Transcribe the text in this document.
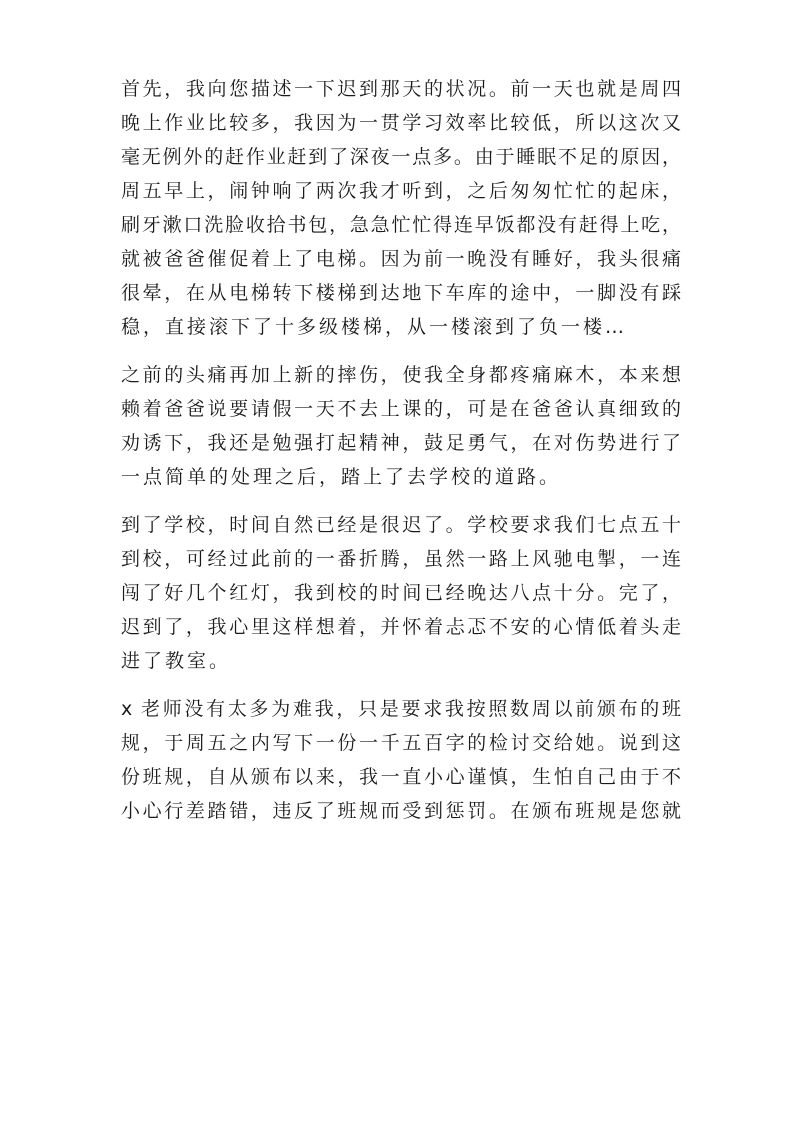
首先，我向您描述一下迟到那天的状况。前一天也就是周四
晚上作业比较多，我因为一贯学习效率比较低，所以这次又
毫无例外的赶作业赶到了深夜一点多。由于睡眠不足的原因，
周五早上，闹钟响了两次我才听到，之后匆匆忙忙的起床，
刷牙漱口洗脸收拾书包，急急忙忙得连早饭都没有赶得上吃，
就被爸爸催促着上了电梯。因为前一晚没有睡好，我头很痛
很晕，在从电梯转下楼梯到达地下车库的途中，一脚没有踩
稳，直接滚下了十多级楼梯，从一楼滚到了负一楼…
之前的头痛再加上新的摔伤，使我全身都疼痛麻木，本来想
赖着爸爸说要请假一天不去上课的，可是在爸爸认真细致的
劝诱下，我还是勉强打起精神，鼓足勇气，在对伤势进行了
一点简单的处理之后，踏上了去学校的道路。
到了学校，时间自然已经是很迟了。学校要求我们七点五十
到校，可经过此前的一番折腾，虽然一路上风驰电掣，一连
闯了好几个红灯，我到校的时间已经晚达八点十分。完了，
迟到了，我心里这样想着，并怀着忐忑不安的心情低着头走
进了教室。
x 老师没有太多为难我，只是要求我按照数周以前颁布的班
规，于周五之内写下一份一千五百字的检讨交给她。说到这
份班规，自从颁布以来，我一直小心谨慎，生怕自己由于不
小心行差踏错，违反了班规而受到惩罚。在颁布班规是您就
